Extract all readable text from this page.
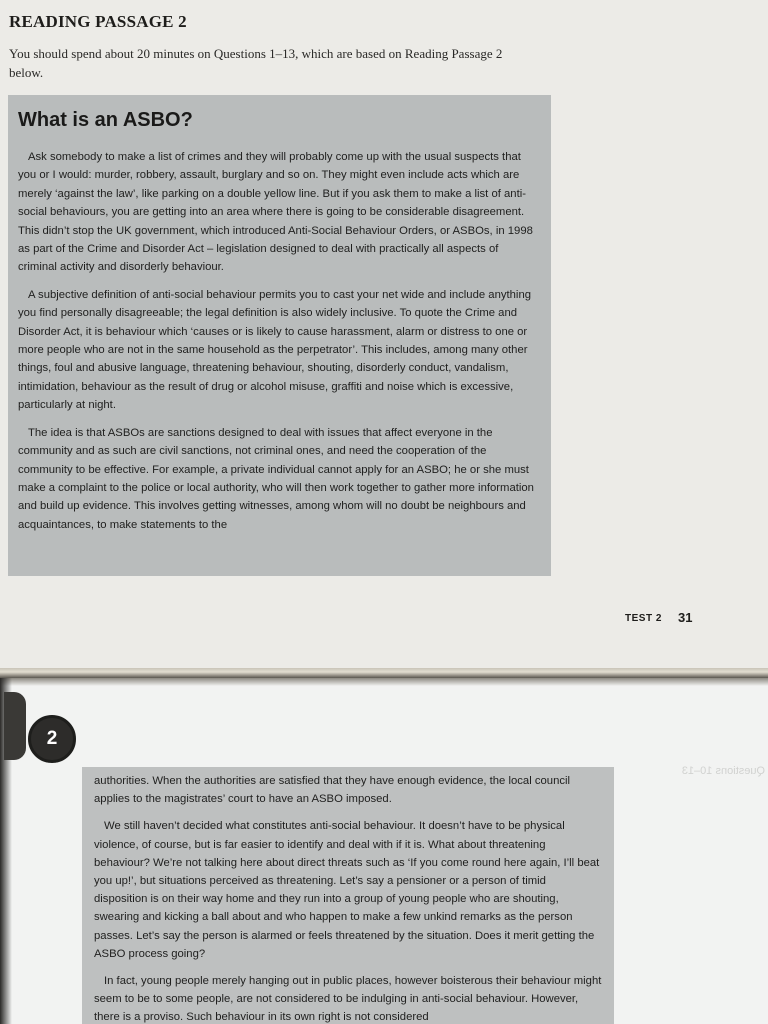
READING PASSAGE 2

You should spend about 20 minutes on Questions 1–13, which are based on Reading Passage 2 below.

What is an ASBO?

Ask somebody to make a list of crimes and they will probably come up with the usual suspects that you or I would: murder, robbery, assault, burglary and so on. They might even include acts which are merely ‘against the law’, like parking on a double yellow line. But if you ask them to make a list of anti-social behaviours, you are getting into an area where there is going to be considerable disagreement. This didn’t stop the UK government, which introduced Anti-Social Behaviour Orders, or ASBOs, in 1998 as part of the Crime and Disorder Act – legislation designed to deal with practically all aspects of criminal activity and disorderly behaviour.

A subjective definition of anti-social behaviour permits you to cast your net wide and include anything you find personally disagreeable; the legal definition is also widely inclusive. To quote the Crime and Disorder Act, it is behaviour which ‘causes or is likely to cause harassment, alarm or distress to one or more people who are not in the same household as the perpetrator’. This includes, among many other things, foul and abusive language, threatening behaviour, shouting, disorderly conduct, vandalism, intimidation, behaviour as the result of drug or alcohol misuse, graffiti and noise which is excessive, particularly at night.

The idea is that ASBOs are sanctions designed to deal with issues that affect everyone in the community and as such are civil sanctions, not criminal ones, and need the cooperation of the community to be effective. For example, a private individual cannot apply for an ASBO; he or she must make a complaint to the police or local authority, who will then work together to gather more information and build up evidence. This involves getting witnesses, among whom will no doubt be neighbours and acquaintances, to make statements to the

TEST 2 31
2
Questions 10–13

authorities. When the authorities are satisfied that they have enough evidence, the local council applies to the magistrates’ court to have an ASBO imposed.

We still haven’t decided what constitutes anti-social behaviour. It doesn’t have to be physical violence, of course, but is far easier to identify and deal with if it is. What about threatening behaviour? We’re not talking here about direct threats such as ‘If you come round here again, I’ll beat you up!’, but situations perceived as threatening. Let’s say a pensioner or a person of timid disposition is on their way home and they run into a group of young people who are shouting, swearing and kicking a ball about and who happen to make a few unkind remarks as the person passes. Let’s say the person is alarmed or feels threatened by the situation. Does it merit getting the ASBO process going?

In fact, young people merely hanging out in public places, however boisterous their behaviour might seem to be to some people, are not considered to be indulging in anti-social behaviour. However, there is a proviso. Such behaviour in its own right is not considered
